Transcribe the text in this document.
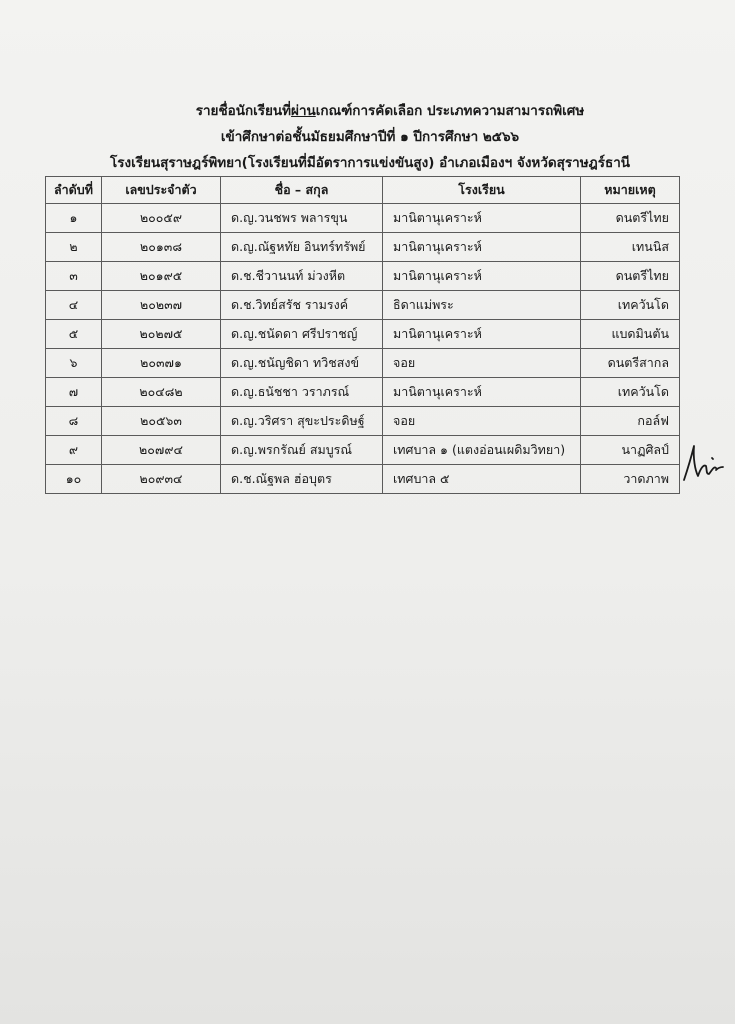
รายชื่อนักเรียนที่ผ่านเกณฑ์การคัดเลือก ประเภทความสามารถพิเศษ
เข้าศึกษาต่อชั้นมัธยมศึกษาปีที่ ๑ ปีการศึกษา ๒๕๖๖
โรงเรียนสุราษฎร์พิทยา(โรงเรียนที่มีอัตราการแข่งขันสูง) อำเภอเมืองฯ จังหวัดสุราษฎร์ธานี
ลำดับที่	เลขประจำตัว	ชื่อ – สกุล	โรงเรียน	หมายเหตุ
๑	๒๐๐๕๙	ด.ญ.วนชพร พลารขุน	มานิตานุเคราะห์	ดนตรีไทย
๒	๒๐๑๓๘	ด.ญ.ณัฐหทัย อินทร์ทรัพย์	มานิตานุเคราะห์	เทนนิส
๓	๒๐๑๙๕	ด.ช.ชีวานนท์ ม่วงหีต	มานิตานุเคราะห์	ดนตรีไทย
๔	๒๐๒๓๗	ด.ช.วิทย์สรัช รามรงค์	ธิดาแม่พระ	เทควันโด
๕	๒๐๒๗๕	ด.ญ.ชนัดดา ศรีปราชญ์	มานิตานุเคราะห์	แบดมินตัน
๖	๒๐๓๗๑	ด.ญ.ชนัญชิดา ทวิชสงข์	จอย	ดนตรีสากล
๗	๒๐๔๘๒	ด.ญ.ธนัชชา วราภรณ์	มานิตานุเคราะห์	เทควันโด
๘	๒๐๕๖๓	ด.ญ.วริศรา สุขะประดิษฐ์	จอย	กอล์ฟ
๙	๒๐๗๙๔	ด.ญ.พรกรัณย์ สมบูรณ์	เทศบาล ๑ (แตงอ่อนเผดิมวิทยา)	นาฏศิลป์
๑๐	๒๐๙๓๔	ด.ช.ณัฐพล ฮ่อบุตร	เทศบาล ๕	วาดภาพ
